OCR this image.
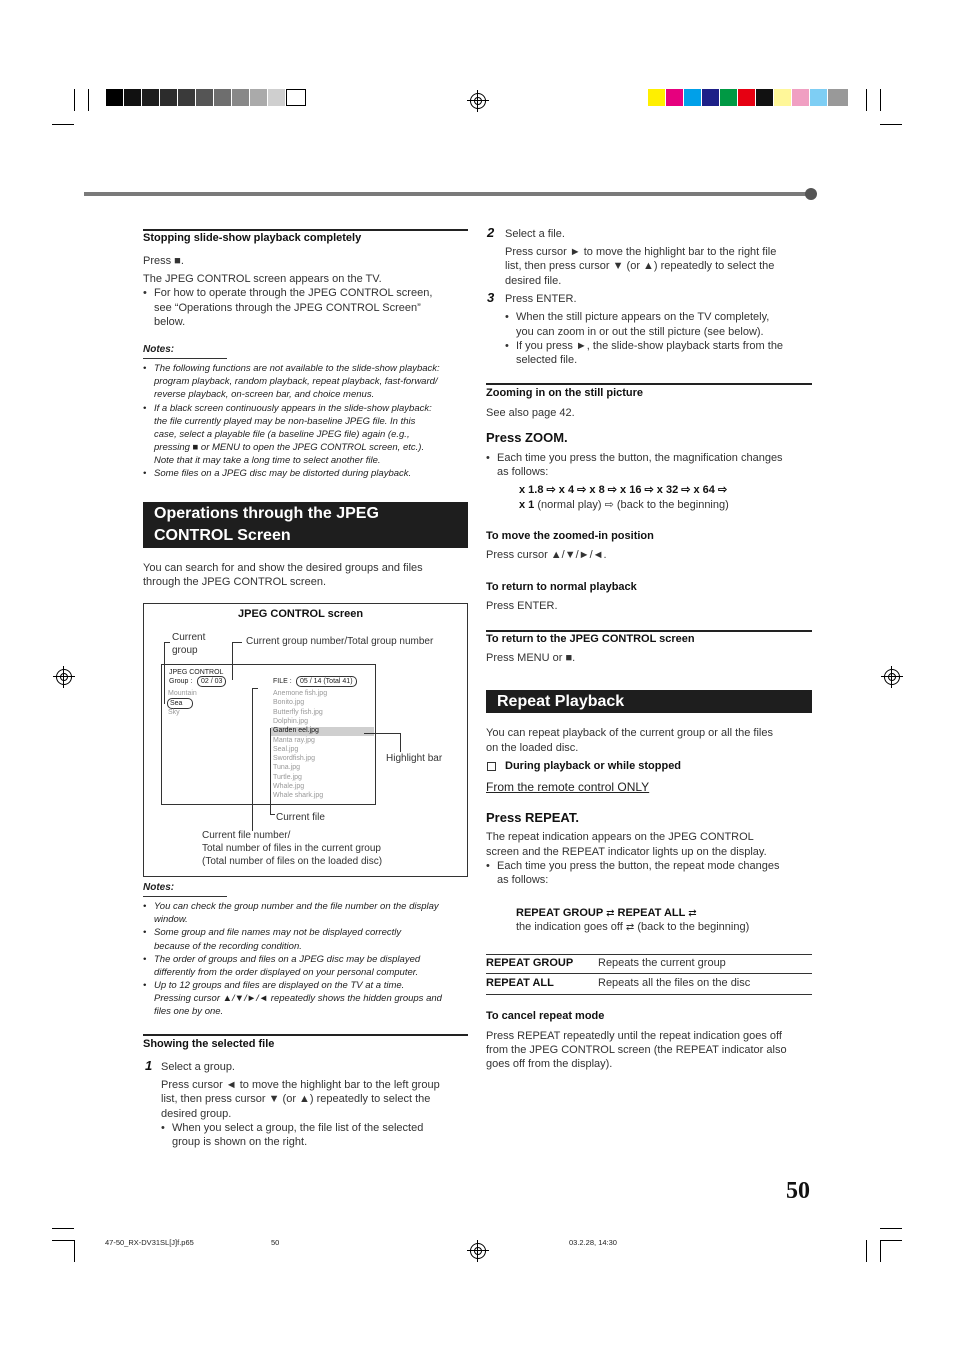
Stopping slide-show playback completely
Press ■.
The JPEG CONTROL screen appears on the TV.
• For how to operate through the JPEG CONTROL screen,
see “Operations through the JPEG CONTROL Screen”
below.
Notes:
• The following functions are not available to the slide-show playback:
program playback, random playback, repeat playback, fast-forward/
reverse playback, on-screen bar, and choice menus.
• If a black screen continuously appears in the slide-show playback:
the file currently played may be non-baseline JPEG file. In this
case, select a playable file (a baseline JPEG file) again (e.g.,
pressing ■ or MENU to open the JPEG CONTROL screen, etc.).
Note that it may take a long time to select another file.
• Some files on a JPEG disc may be distorted during playback.
Operations through the JPEG
CONTROL Screen
You can search for and show the desired groups and files
through the JPEG CONTROL screen.
JPEG CONTROL screen
Current
group
Current group number/Total group number
JPEG CONTROL
Group :	02 / 03
Mountain
Sea
Sky
FILE :	05 / 14 (Total 41)
Anemone fish.jpg
Bonito.jpg
Butterfly fish.jpg
Dolphin.jpg
Garden eel.jpg
Manta ray.jpg
Seal.jpg
Swordfish.jpg
Tuna.jpg
Turtle.jpg
Whale.jpg
Whale shark.jpg
Highlight bar
Current file
Current file number/
Total number of files in the current group
(Total number of files on the loaded disc)
Notes:
• You can check the group number and the file number on the display
window.
• Some group and file names may not be displayed correctly
because of the recording condition.
• The order of groups and files on a JPEG disc may be displayed
differently from the order displayed on your personal computer.
• Up to 12 groups and files are displayed on the TV at a time.
Pressing cursor ▲/▼/►/◄ repeatedly shows the hidden groups and
files one by one.
Showing the selected file
1 Select a group.
Press cursor ◄ to move the highlight bar to the left group
list, then press cursor ▼ (or ▲) repeatedly to select the
desired group.
• When you select a group, the file list of the selected
group is shown on the right.
2 Select a file.
Press cursor ► to move the highlight bar to the right file
list, then press cursor ▼ (or ▲) repeatedly to select the
desired file.
3 Press ENTER.
• When the still picture appears on the TV completely,
you can zoom in or out the still picture (see below).
• If you press ►, the slide-show playback starts from the
selected file.
Zooming in on the still picture
See also page 42.
Press ZOOM.
• Each time you press the button, the magnification changes
as follows:
x 1.8 ⇨ x 4 ⇨ x 8 ⇨ x 16 ⇨ x 32 ⇨ x 64 ⇨
x 1 (normal play) ⇨ (back to the beginning)
To move the zoomed-in position
Press cursor ▲/▼/►/◄.
To return to normal playback
Press ENTER.
To return to the JPEG CONTROL screen
Press MENU or ■.
Repeat Playback
You can repeat playback of the current group or all the files
on the loaded disc.
During playback or while stopped
From the remote control ONLY
Press REPEAT.
The repeat indication appears on the JPEG CONTROL
screen and the REPEAT indicator lights up on the display.
• Each time you press the button, the repeat mode changes
as follows:
REPEAT GROUP ⇄ REPEAT ALL ⇄
the indication goes off ⇄ (back to the beginning)
REPEAT GROUP Repeats the current group
REPEAT ALL	Repeats all the files on the disc
To cancel repeat mode
Press REPEAT repeatedly until the repeat indication goes off
from the JPEG CONTROL screen (the REPEAT indicator also
goes off from the display).
50
47-50_RX-DV31SL[J]f.p65	50	03.2.28, 14:30
